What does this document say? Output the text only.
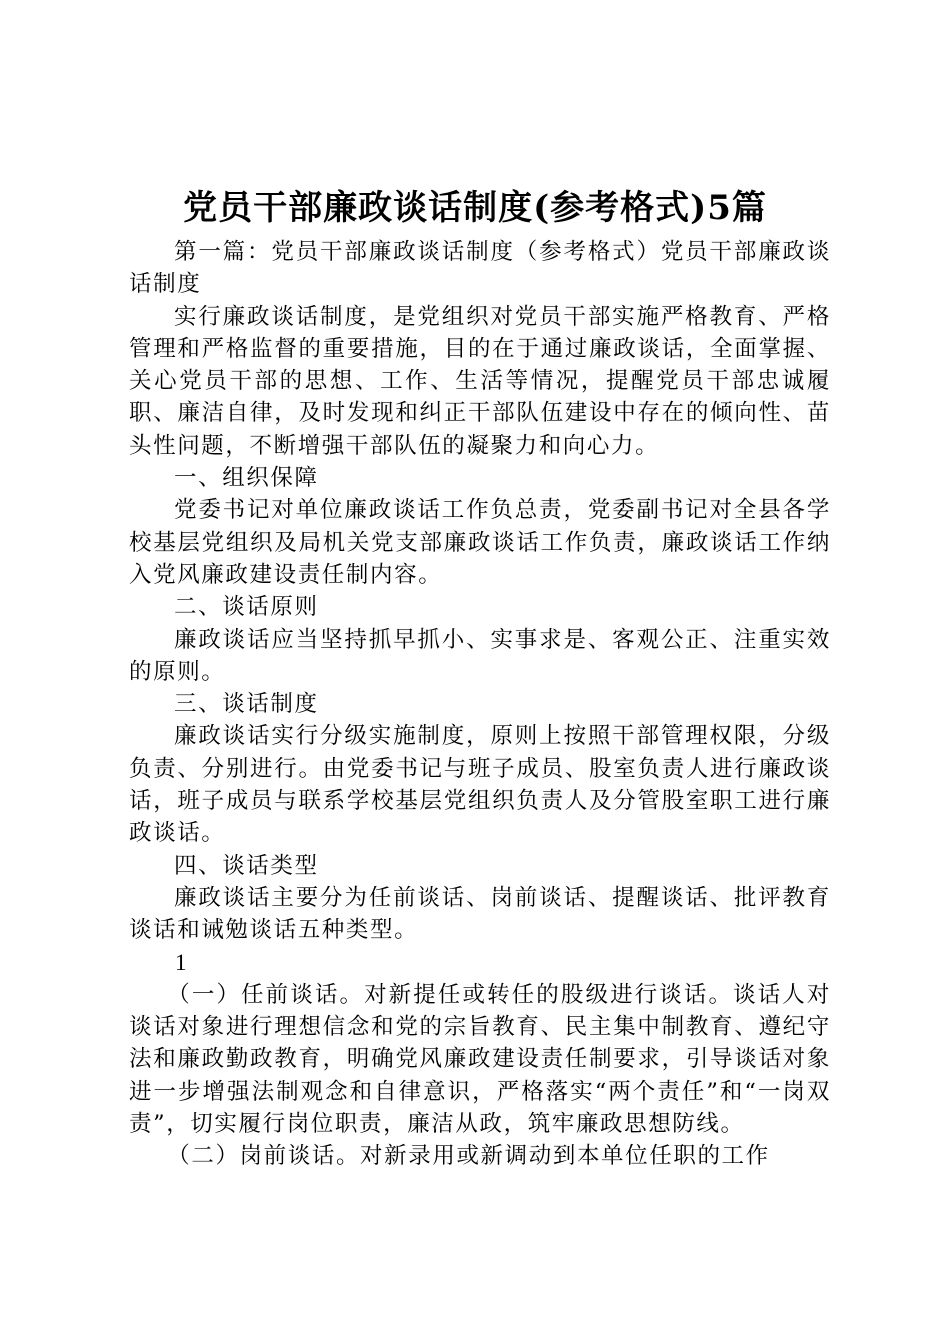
党员干部廉政谈话制度(参考格式)5篇

第一篇：党员干部廉政谈话制度（参考格式）党员干部廉政谈话制度

实行廉政谈话制度，是党组织对党员干部实施严格教育、严格管理和严格监督的重要措施，目的在于通过廉政谈话，全面掌握、关心党员干部的思想、工作、生活等情况，提醒党员干部忠诚履职、廉洁自律，及时发现和纠正干部队伍建设中存在的倾向性、苗头性问题，不断增强干部队伍的凝聚力和向心力。

一、组织保障

党委书记对单位廉政谈话工作负总责，党委副书记对全县各学校基层党组织及局机关党支部廉政谈话工作负责，廉政谈话工作纳入党风廉政建设责任制内容。

二、谈话原则

廉政谈话应当坚持抓早抓小、实事求是、客观公正、注重实效的原则。

三、谈话制度

廉政谈话实行分级实施制度，原则上按照干部管理权限，分级负责、分别进行。由党委书记与班子成员、股室负责人进行廉政谈话，班子成员与联系学校基层党组织负责人及分管股室职工进行廉政谈话。

四、谈话类型

廉政谈话主要分为任前谈话、岗前谈话、提醒谈话、批评教育谈话和诫勉谈话五种类型。

1

（一）任前谈话。对新提任或转任的股级进行谈话。谈话人对谈话对象进行理想信念和党的宗旨教育、民主集中制教育、遵纪守法和廉政勤政教育，明确党风廉政建设责任制要求，引导谈话对象进一步增强法制观念和自律意识，严格落实“两个责任”和“一岗双责”，切实履行岗位职责，廉洁从政，筑牢廉政思想防线。

（二）岗前谈话。对新录用或新调动到本单位任职的工作
